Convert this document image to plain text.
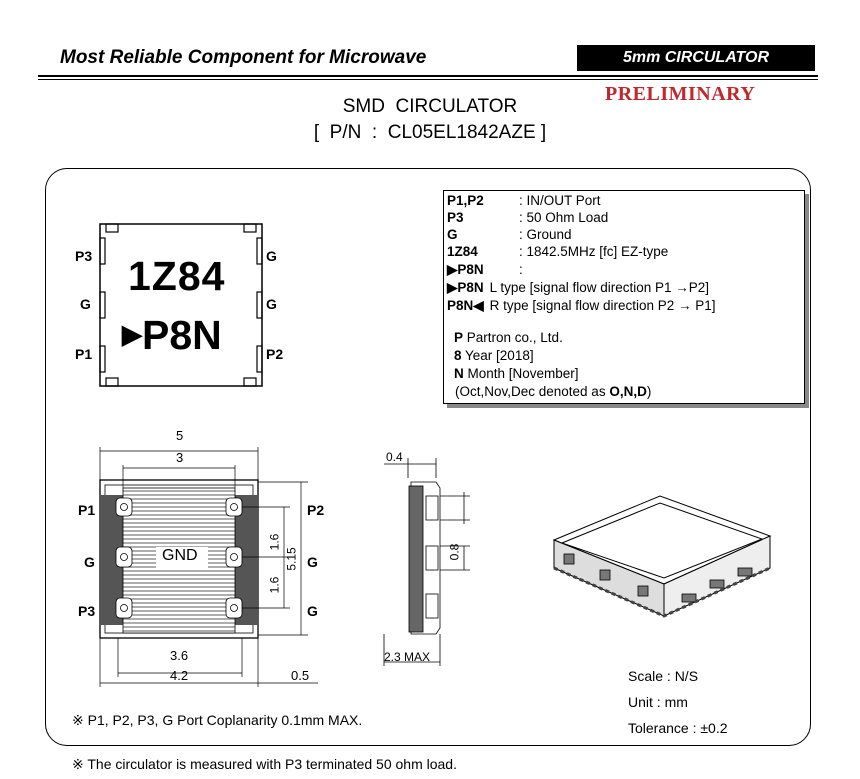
Most Reliable Component for Microwave	5mm CIRCULATOR
PRELIMINARY
SMD  CIRCULATOR
[  P/N  :  CL05EL1842AZE ]
P3
G
P1
G
G
P2
1Z84
▶P8N
P1,P2	: IN/OUT Port
P3	: 50 Ohm Load
G	: Ground
1Z84	: 1842.5MHz [fc] EZ-type
▶P8N	:
▶P8N L type [signal flow direction P1 →P2]
P8N◀ R type [signal flow direction P2 → P1]
P Partron co., Ltd.
8 Year [2018]
N Month [November]
(Oct,Nov,Dec denoted as O,N,D)
5
3
GND
1.6
1.6
5.15
3.6
4.2	0.5
P1
G
P3
P2
G
G
0.4
0.8
2.3 MAX
Scale : N/S
Unit : mm
Tolerance : ±0.2
※ P1, P2, P3, G Port Coplanarity 0.1mm MAX.
※ The circulator is measured with P3 terminated 50 ohm load.
